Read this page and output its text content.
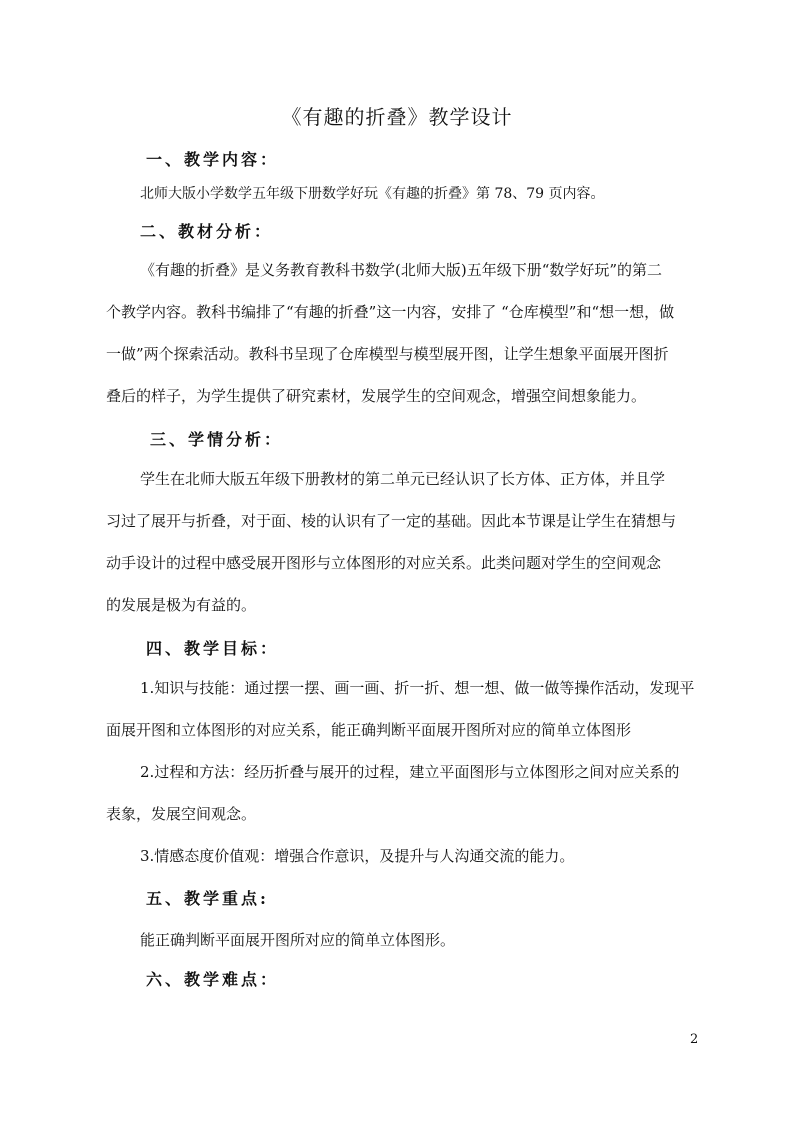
《有趣的折叠》教学设计
一、教学内容：
北师大版小学数学五年级下册数学好玩《有趣的折叠》第 78、79 页内容。
二、教材分析：
《有趣的折叠》是义务教育教科书数学(北师大版)五年级下册“数学好玩”的第二
个教学内容。教科书编排了“有趣的折叠”这一内容，安排了 “仓库模型”和“想一想，做
一做”两个探索活动。教科书呈现了仓库模型与模型展开图，让学生想象平面展开图折
叠后的样子，为学生提供了研究素材，发展学生的空间观念，增强空间想象能力。
三、学情分析：
学生在北师大版五年级下册教材的第二单元已经认识了长方体、正方体，并且学
习过了展开与折叠，对于面、棱的认识有了一定的基础。因此本节课是让学生在猜想与
动手设计的过程中感受展开图形与立体图形的对应关系。此类问题对学生的空间观念
的发展是极为有益的。
四、教学目标：
1.知识与技能：通过摆一摆、画一画、折一折、想一想、做一做等操作活动，发现平
面展开图和立体图形的对应关系，能正确判断平面展开图所对应的简单立体图形
2.过程和方法：经历折叠与展开的过程，建立平面图形与立体图形之间对应关系的
表象，发展空间观念。
3.情感态度价值观：增强合作意识，及提升与人沟通交流的能力。
五、教学重点:
能正确判断平面展开图所对应的简单立体图形。
六、教学难点：
2
